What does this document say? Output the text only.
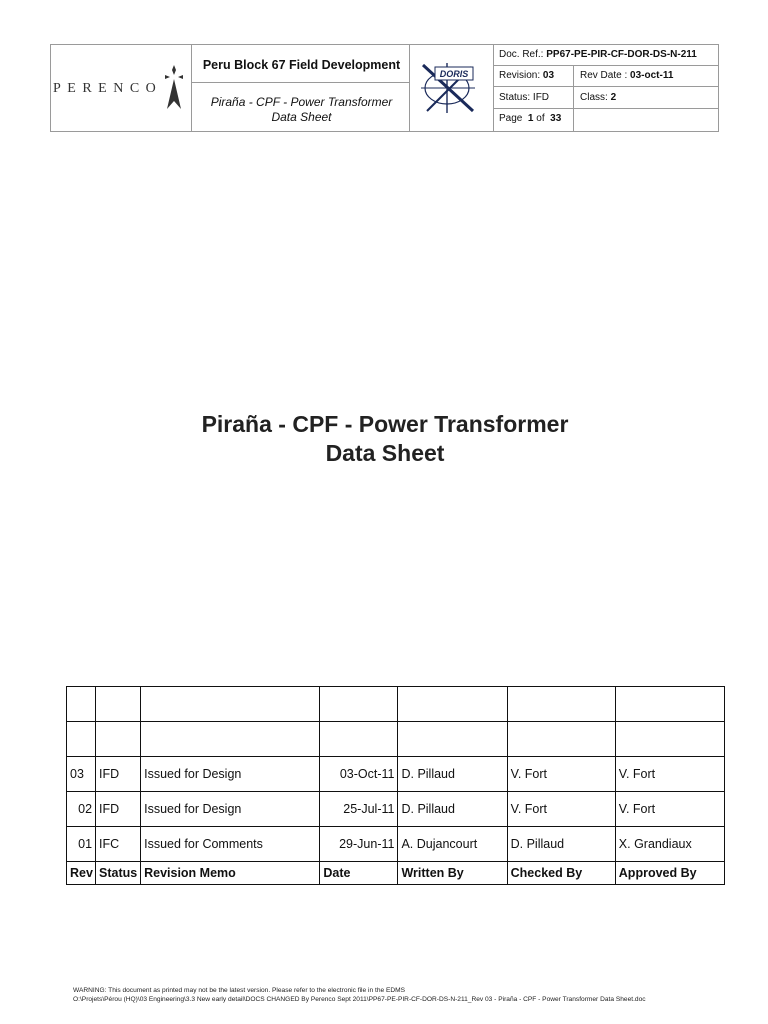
PERENCO
Peru Block 67 Field Development
Piraña - CPF - Power Transformer
Data Sheet
DORIS
Doc. Ref.: PP67-PE-PIR-CF-DOR-DS-N-211
Revision: 03	Rev Date : 03-oct-11
Status: IFD	Class: 2
Page 1 of 33
Piraña - CPF - Power Transformer
Data Sheet

03	IFD	Issued for Design	03-Oct-11	D. Pillaud	V. Fort	V. Fort
02	IFD	Issued for Design	25-Jul-11	D. Pillaud	V. Fort	V. Fort
01	IFC	Issued for Comments	29-Jun-11	A. Dujancourt	D. Pillaud	X. Grandiaux
Rev	Status	Revision Memo	Date	Written By	Checked By	Approved By
WARNING: This document as printed may not be the latest version. Please refer to the electronic file in the EDMS
O:\Projets\Pérou (HQ)\03 Engineering\3.3 New early detail\DOCS CHANGED By Perenco Sept 2011\PP67-PE-PIR-CF-DOR-DS-N-211_Rev 03 - Piraña - CPF - Power Transformer Data Sheet.doc
